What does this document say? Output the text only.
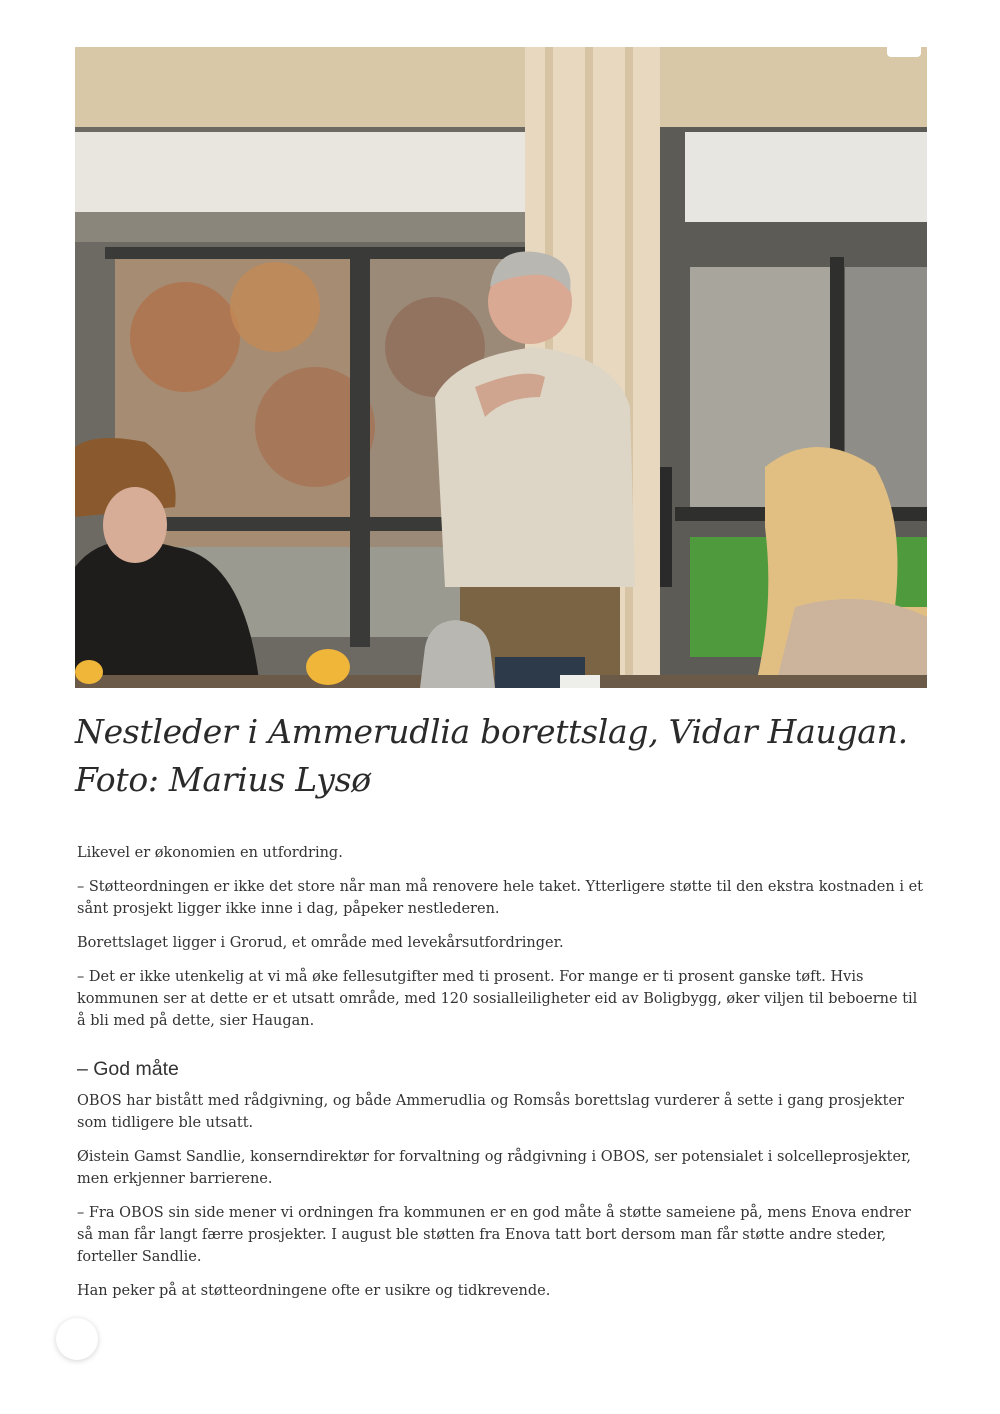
Nestleder i Ammerudlia borettslag, Vidar Haugan.
Foto: Marius Lysø

Likevel er økonomien en utfordring.

– Støtteordningen er ikke det store når man må renovere hele taket. Ytterligere støtte til den ekstra kostnaden i et sånt prosjekt ligger ikke inne i dag, påpeker nestlederen.

Borettslaget ligger i Grorud, et område med levekårsutfordringer.

– Det er ikke utenkelig at vi må øke fellesutgifter med ti prosent. For mange er ti prosent ganske tøft. Hvis kommunen ser at dette er et utsatt område, med 120 sosialleiligheter eid av Boligbygg, øker viljen til beboerne til å bli med på dette, sier Haugan.

– God måte

OBOS har bistått med rådgivning, og både Ammerudlia og Romsås borettslag vurderer å sette i gang prosjekter som tidligere ble utsatt.

Øistein Gamst Sandlie, konserndirektør for forvaltning og rådgivning i OBOS, ser potensialet i solcelleprosjekter, men erkjenner barrierene.

– Fra OBOS sin side mener vi ordningen fra kommunen er en god måte å støtte sameiene på, mens Enova endrer så man får langt færre prosjekter. I august ble støtten fra Enova tatt bort dersom man får støtte andre steder, forteller Sandlie.

Han peker på at støtteordningene ofte er usikre og tidkrevende.
